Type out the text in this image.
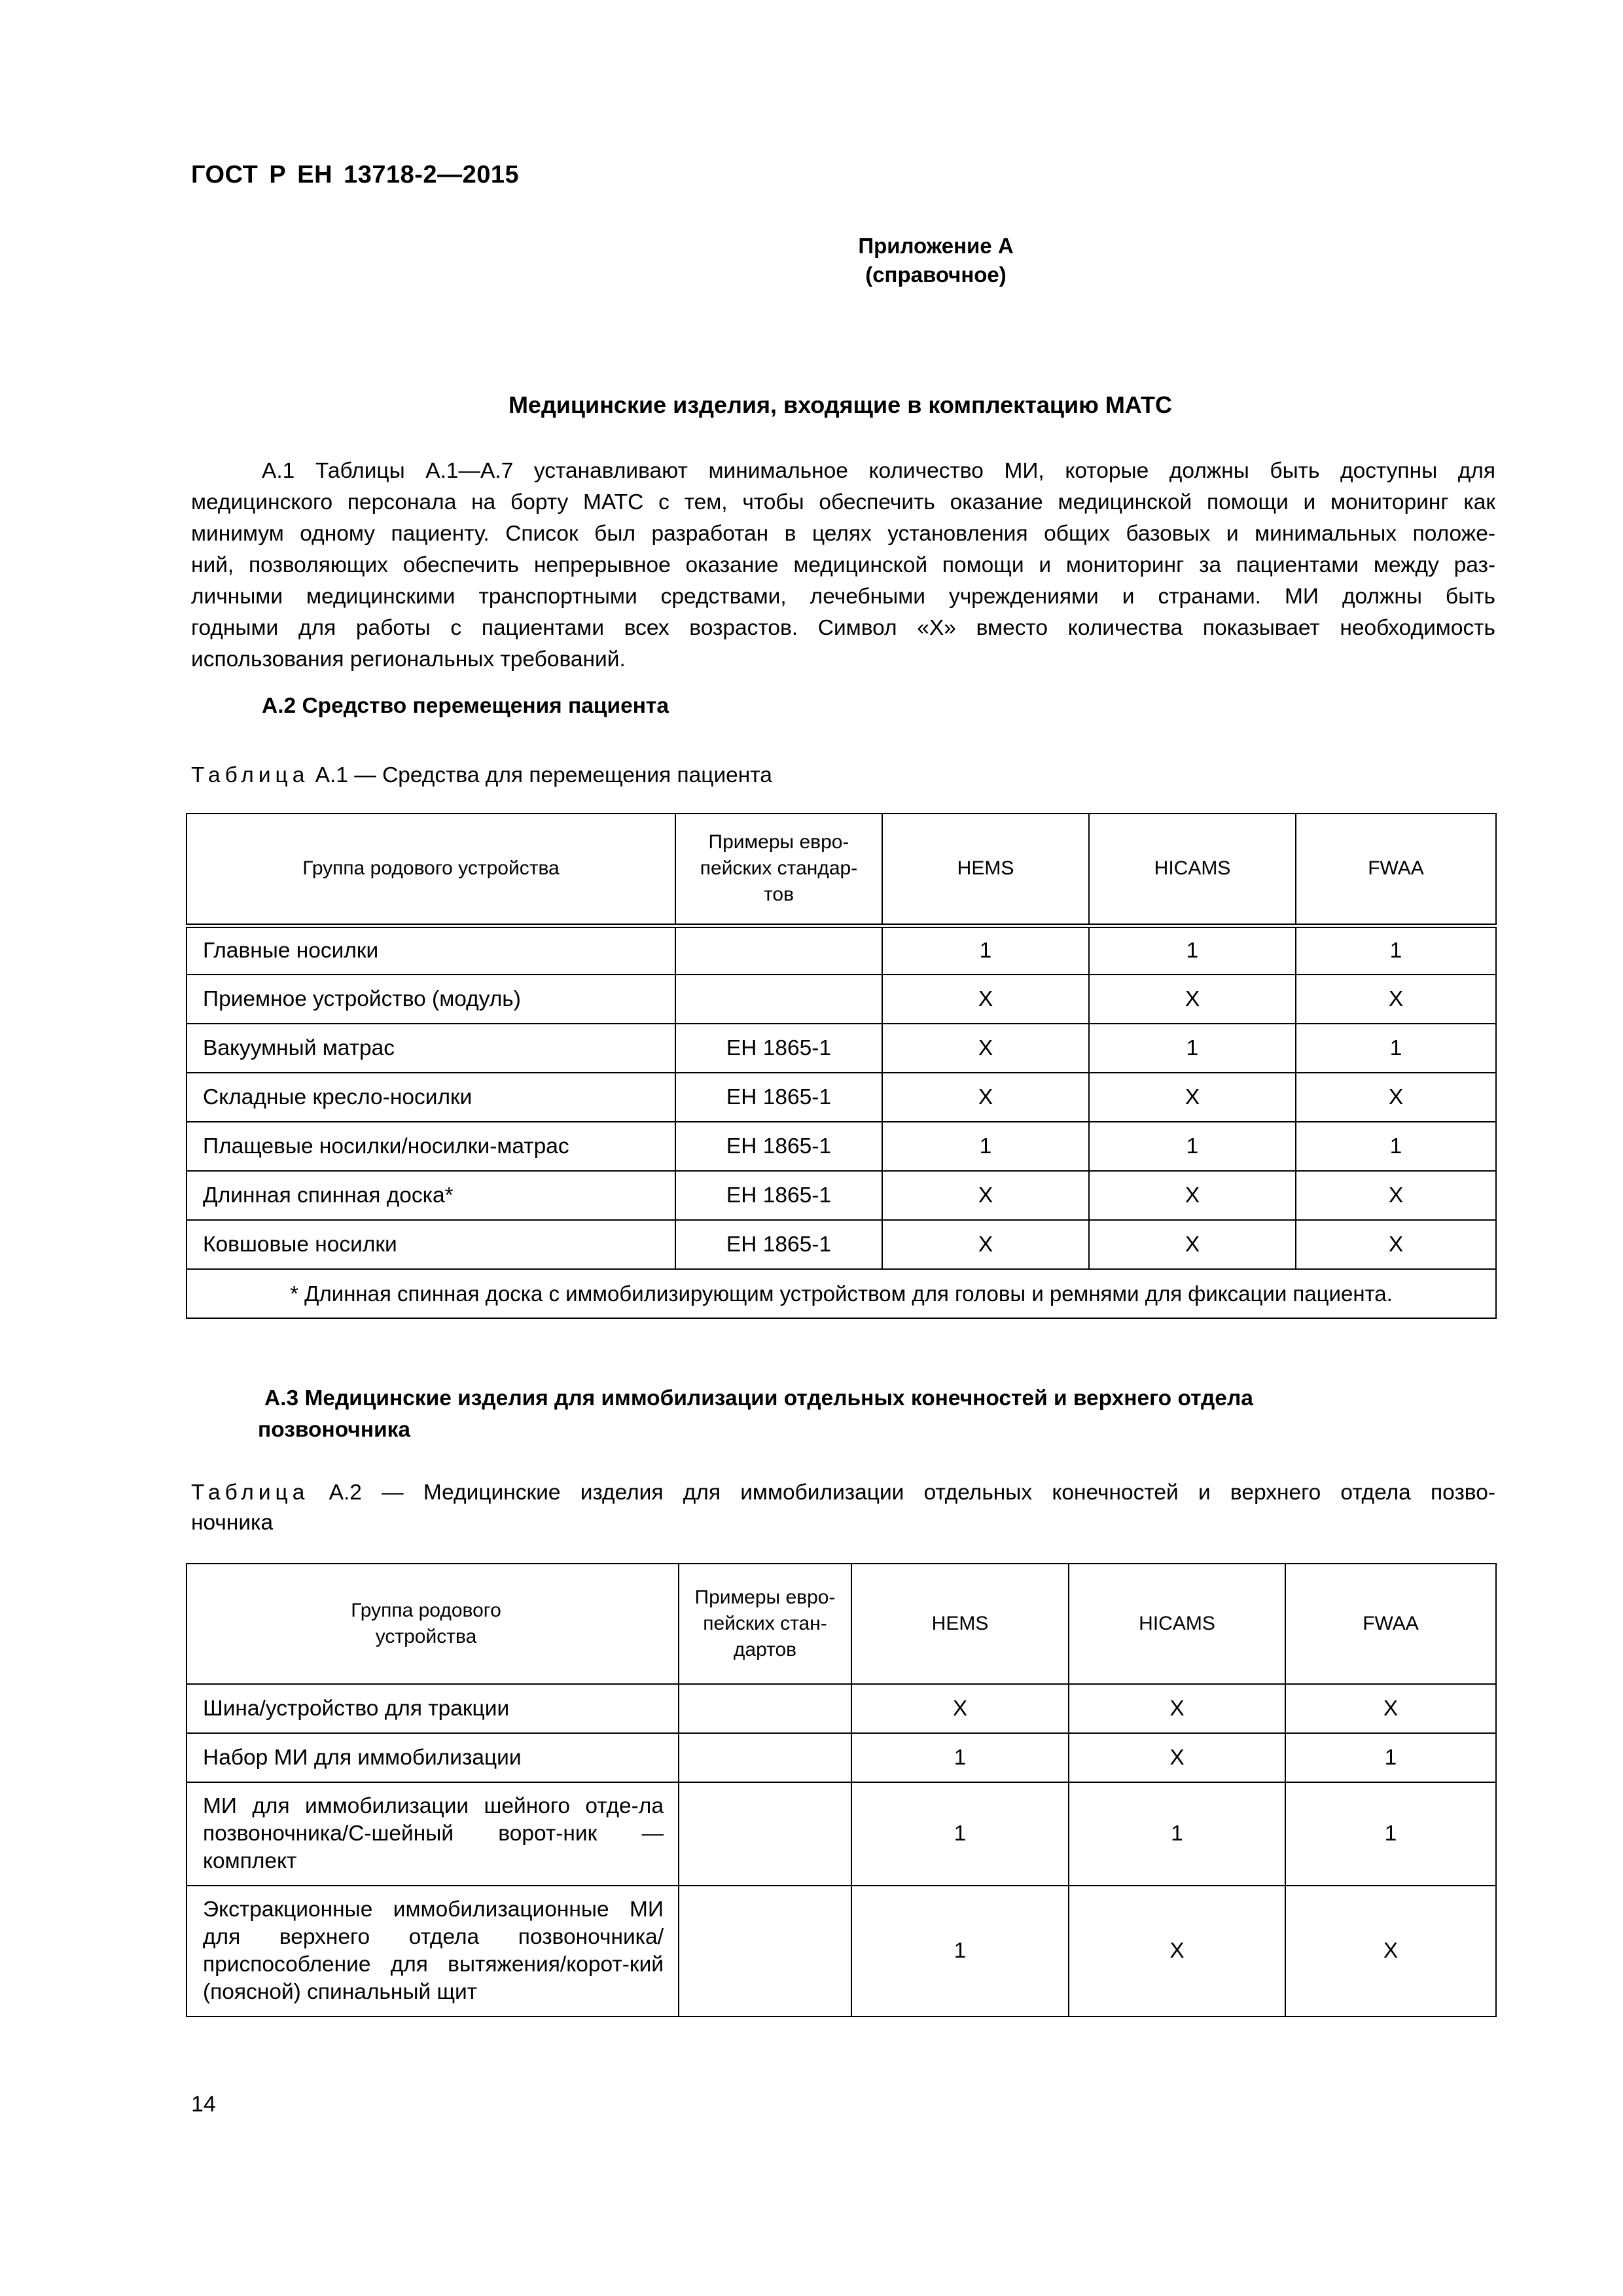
ГОСТ Р ЕН 13718-2—2015
Приложение А
(справочное)
Медицинские изделия, входящие в комплектацию МАТС
А.1 Таблицы А.1—А.7 устанавливают минимальное количество МИ, которые должны быть доступны для
медицинского персонала на борту МАТС с тем, чтобы обеспечить оказание медицинской помощи и мониторинг как
минимум одному пациенту. Список был разработан в целях установления общих базовых и минимальных положе-
ний, позволяющих обеспечить непрерывное оказание медицинской помощи и мониторинг за пациентами между раз-
личными медицинскими транспортными средствами, лечебными учреждениями и странами. МИ должны быть
годными для работы с пациентами всех возрастов. Символ «Х» вместо количества показывает необходимость
использования региональных требований.
А.2 Средство перемещения пациента
Таблица А.1 — Средства для перемещения пациента
Группа родового устройства	Примеры евро-пейских стандар-тов	HEMS	HICAMS	FWAA
Главные носилки		1	1	1
Приемное устройство (модуль)		Х	Х	Х
Вакуумный матрас	ЕН 1865-1	Х	1	1
Складные кресло-носилки	ЕН 1865-1	Х	Х	Х
Плащевые носилки/носилки-матрас	ЕН 1865-1	1	1	1
Длинная спинная доска*	ЕН 1865-1	Х	Х	Х
Ковшовые носилки	ЕН 1865-1	Х	Х	Х
* Длинная спинная доска с иммобилизирующим устройством для головы и ремнями для фиксации пациента.				
А.3 Медицинские изделия для иммобилизации отдельных конечностей и верхнего отдела
позвоночника
Таблица А.2 — Медицинские изделия для иммобилизации отдельных конечностей и верхнего отдела позво-
ночника
Группа родового устройства	Примеры евро-пейских стан-дартов	HEMS	HICAMS	FWAA
Шина/устройство для тракции		Х	Х	Х
Набор МИ для иммобилизации		1	Х	1
МИ для иммобилизации шейного отде-ла позвоночника/С-шейный ворот-ник — комплект		1	1	1
Экстракционные иммобилизационные МИ для верхнего отдела позвоночника/приспособление для вытяжения/корот-кий (поясной) спинальный щит		1	Х	Х
14
